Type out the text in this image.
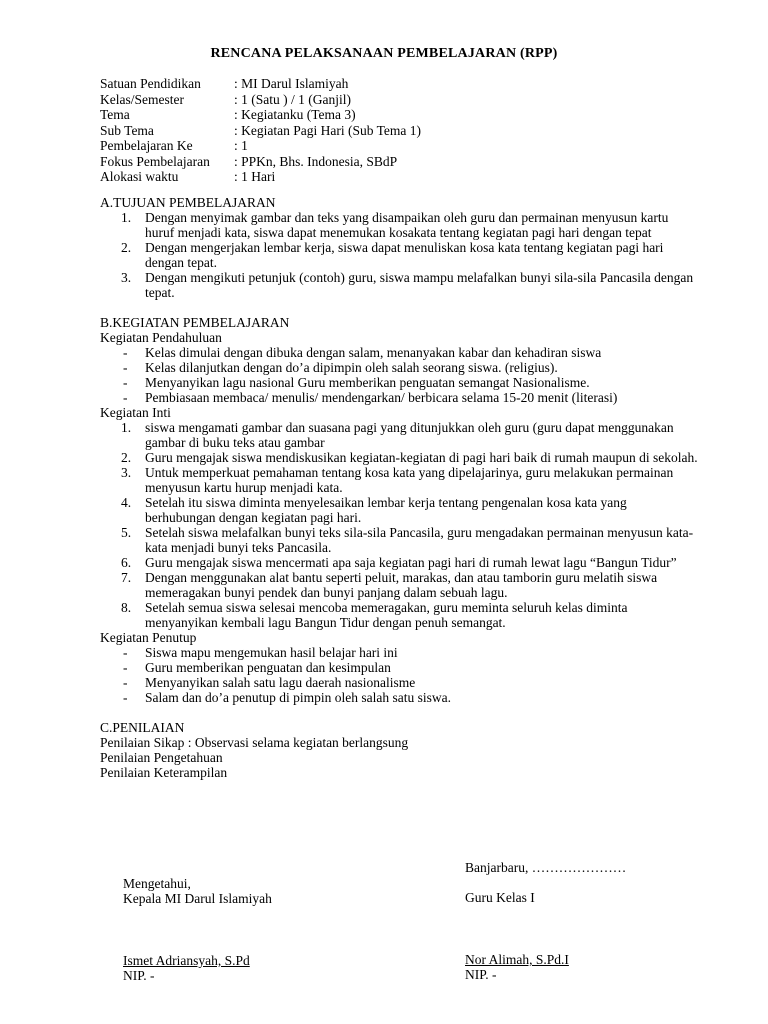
RENCANA PELAKSANAAN PEMBELAJARAN (RPP)
Satuan Pendidikan : MI Darul Islamiyah
Kelas/Semester	: 1 (Satu ) / 1 (Ganjil)
Tema	: Kegiatanku (Tema 3)
Sub Tema	: Kegiatan Pagi Hari (Sub Tema 1)
Pembelajaran Ke	: 1
Fokus Pembelajaran : PPKn, Bhs. Indonesia, SBdP
Alokasi waktu	: 1 Hari
A.TUJUAN PEMBELAJARAN
1. Dengan menyimak gambar dan teks yang disampaikan oleh guru dan permainan menyusun kartu huruf menjadi kata, siswa dapat menemukan kosakata tentang kegiatan pagi hari dengan tepat
2. Dengan mengerjakan lembar kerja, siswa dapat menuliskan kosa kata tentang kegiatan pagi hari dengan tepat.
3. Dengan mengikuti petunjuk (contoh) guru, siswa mampu melafalkan bunyi sila-sila Pancasila dengan tepat.
B.KEGIATAN PEMBELAJARAN
Kegiatan Pendahuluan
- Kelas dimulai dengan dibuka dengan salam, menanyakan kabar dan kehadiran siswa
- Kelas dilanjutkan dengan do’a dipimpin oleh salah seorang siswa. (religius).
- Menyanyikan lagu nasional Guru memberikan penguatan semangat Nasionalisme.
- Pembiasaan membaca/ menulis/ mendengarkan/ berbicara selama 15-20 menit (literasi)
Kegiatan Inti
1. siswa mengamati gambar dan suasana pagi yang ditunjukkan oleh guru (guru dapat menggunakan gambar di buku teks atau gambar
2. Guru mengajak siswa mendiskusikan kegiatan-kegiatan di pagi hari baik di rumah maupun di sekolah.
3. Untuk memperkuat pemahaman tentang kosa kata yang dipelajarinya, guru melakukan permainan menyusun kartu hurup menjadi kata.
4. Setelah itu siswa diminta menyelesaikan lembar kerja tentang pengenalan kosa kata yang berhubungan dengan kegiatan pagi hari.
5. Setelah siswa melafalkan bunyi teks sila-sila Pancasila, guru mengadakan permainan menyusun kata-kata menjadi bunyi teks Pancasila.
6. Guru mengajak siswa mencermati apa saja kegiatan pagi hari di rumah lewat lagu “Bangun Tidur”
7. Dengan menggunakan alat bantu seperti peluit, marakas, dan atau tamborin guru melatih siswa memeragakan bunyi pendek dan bunyi panjang dalam sebuah lagu.
8. Setelah semua siswa selesai mencoba memeragakan, guru meminta seluruh kelas diminta menyanyikan kembali lagu Bangun Tidur dengan penuh semangat.
Kegiatan Penutup
- Siswa mapu mengemukan hasil belajar hari ini
- Guru memberikan penguatan dan kesimpulan
- Menyanyikan salah satu lagu daerah nasionalisme
- Salam dan do’a penutup di pimpin oleh salah satu siswa.
C.PENILAIAN
Penilaian Sikap : Observasi selama kegiatan berlangsung
Penilaian Pengetahuan
Penilaian Keterampilan
Mengetahui,
Kepala MI Darul Islamiyah
Ismet Adriansyah, S.Pd
NIP. -
Banjarbaru, …………………
Guru Kelas I
Nor Alimah, S.Pd.I
NIP. -
